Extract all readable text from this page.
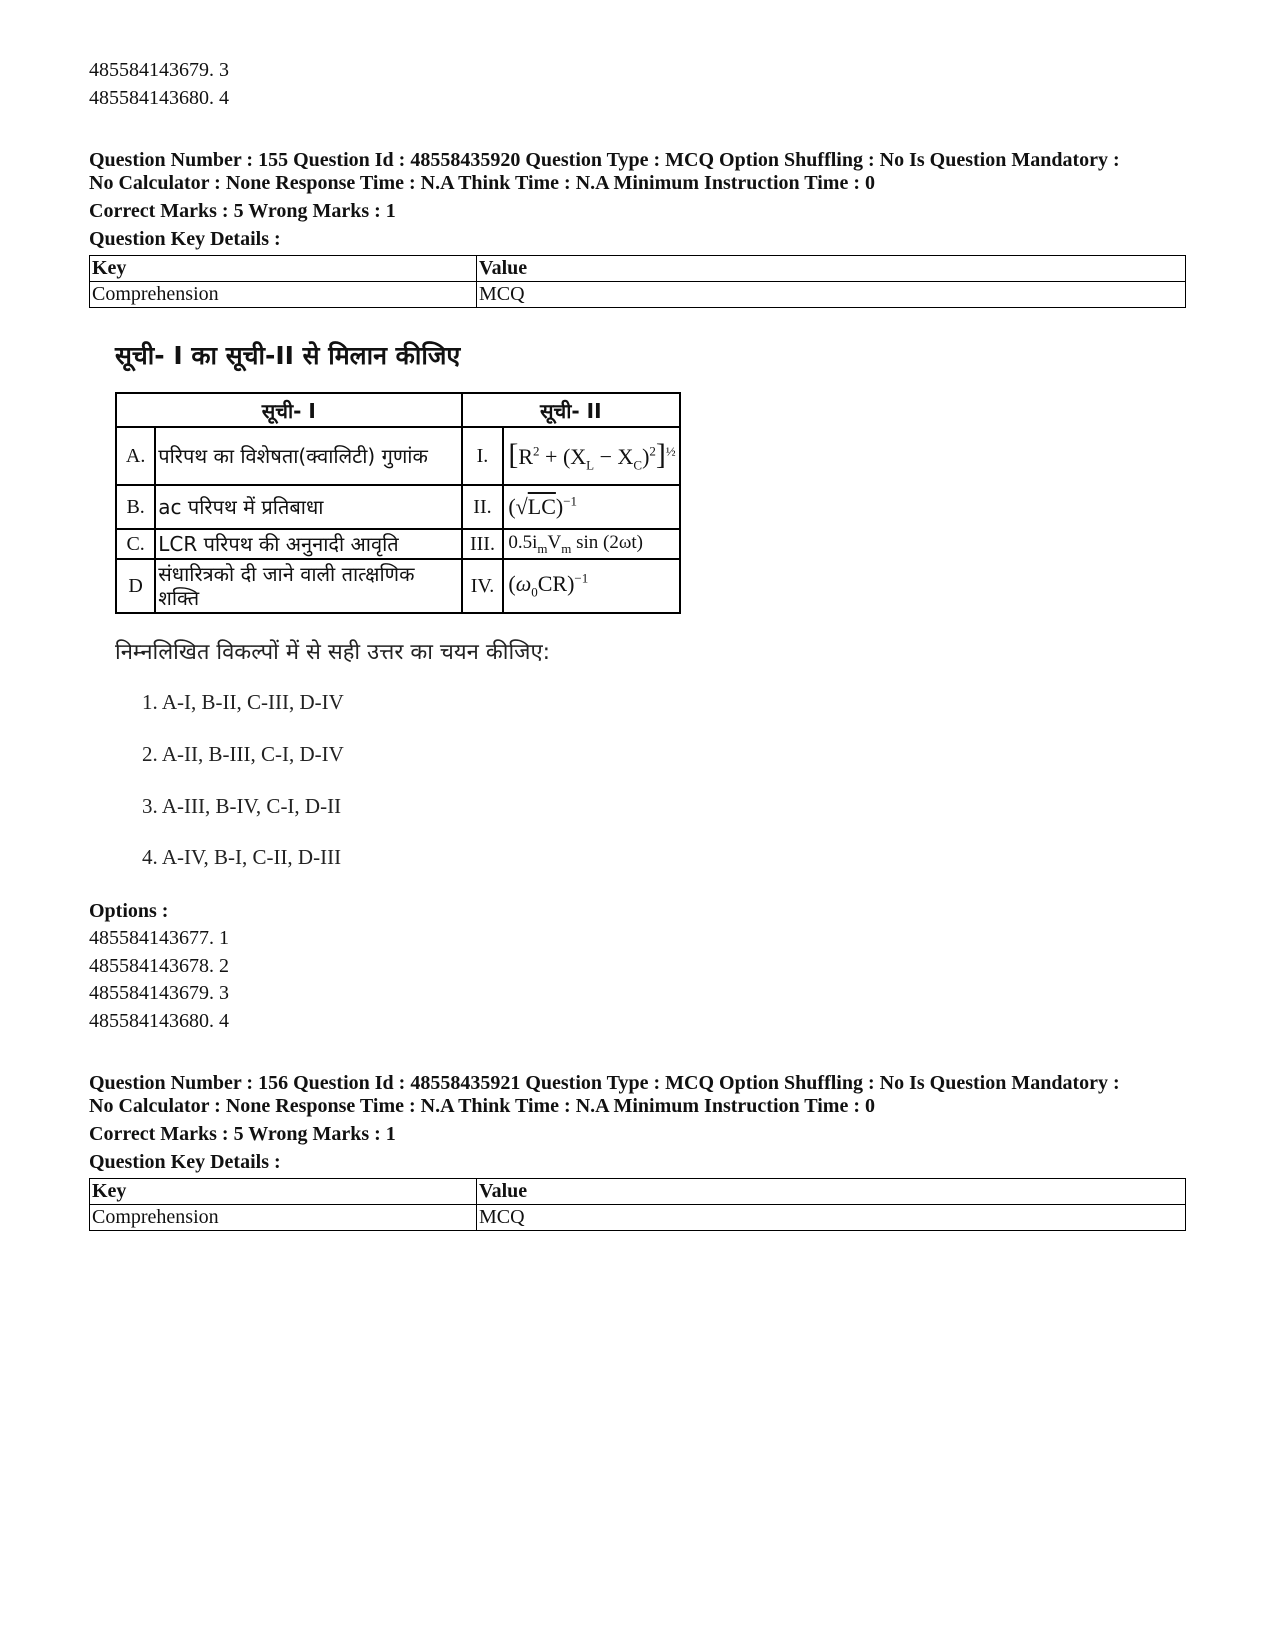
485584143679. 3
485584143680. 4
Question Number : 155 Question Id : 48558435920 Question Type : MCQ Option Shuffling : No Is Question Mandatory :
No Calculator : None Response Time : N.A Think Time : N.A Minimum Instruction Time : 0
Correct Marks : 5 Wrong Marks : 1
Question Key Details :
Key	Value
Comprehension	MCQ
सूची- I का सूची-II से मिलान कीजिए
सूची- I		सूची- II	
A.	परिपथ का विशेषता(क्वालिटी) गुणांक	I.	$[R^2 + (X_L - X_C)^2]^{\frac{1}{2}}$
B.	ac परिपथ में प्रतिबाधा	II.	$(√LC)^{-1}$
C.	LCR परिपथ की अनुनादी आवृति	III.	$0.5i_mV_m$ sin (2ωt)
D	संधारित्रको दी जाने वाली तात्क्षणिक शक्ति	IV.	$(\omega_0CR)^{-1}$
निम्नलिखित विकल्पों में से सही उत्तर का चयन कीजिए:
1. A-I, B-II, C-III, D-IV
2. A-II, B-III, C-I, D-IV
3. A-III, B-IV, C-I, D-II
4. A-IV, B-I, C-II, D-III
Options :
485584143677. 1
485584143678. 2
485584143679. 3
485584143680. 4
Question Number : 156 Question Id : 48558435921 Question Type : MCQ Option Shuffling : No Is Question Mandatory :
No Calculator : None Response Time : N.A Think Time : N.A Minimum Instruction Time : 0
Correct Marks : 5 Wrong Marks : 1
Question Key Details :
Key	Value
Comprehension	MCQ
